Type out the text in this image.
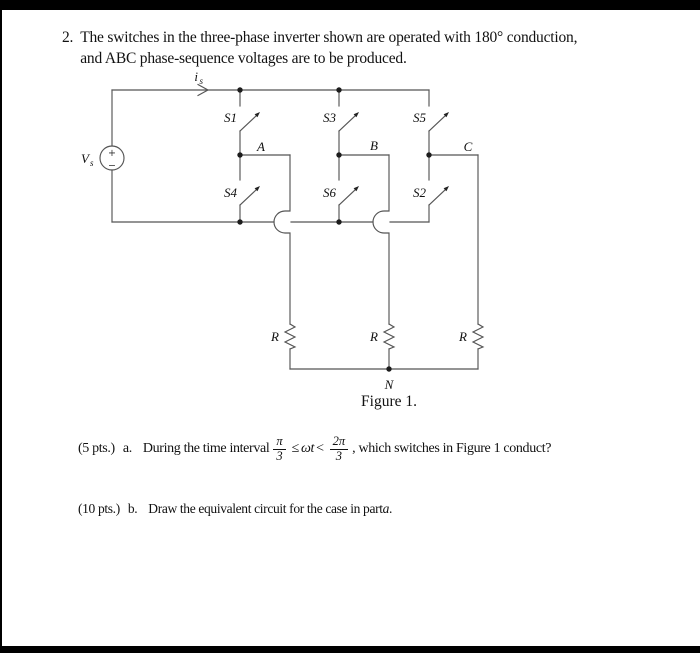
2. The switches in the three-phase inverter shown are operated with 180° conduction,
and ABC phase-sequence voltages are to be produced.
i s
V s
+
−
S1	S3	S5
S4	S6	S2
A	B	C
R	R	R
N
Figure 1.
(5 pts.) a. During the time interval $\frac{\pi}{3} \le \omega t < \frac{2\pi}{3}$ , which switches in Figure 1 conduct?
(10 pts.) b. Draw the equivalent circuit for the case in part a .
